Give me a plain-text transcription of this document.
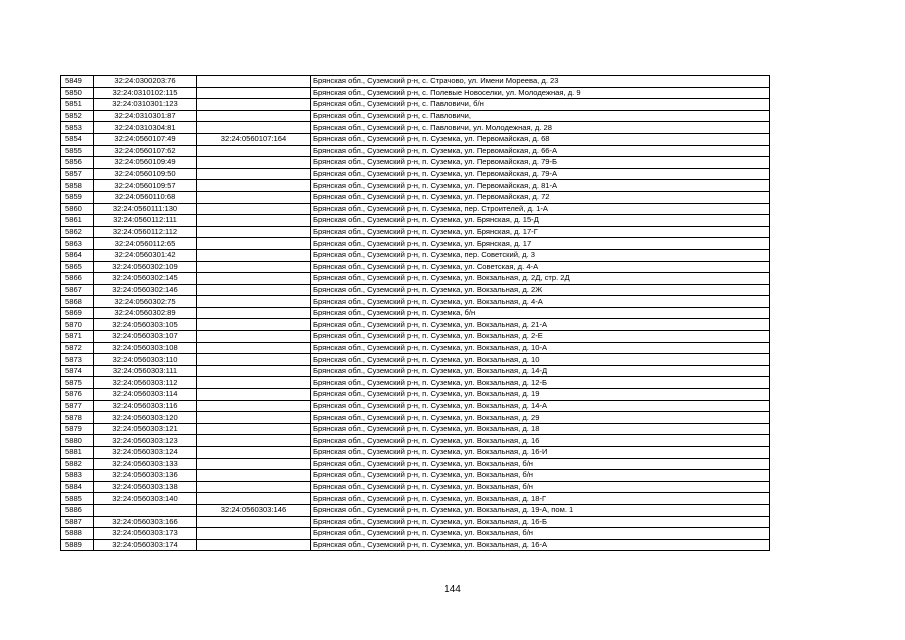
5849	32:24:0300203:76		Брянская обл., Суземский р-н, с. Страчово, ул. Имени Мореева, д. 23
5850	32:24:0310102:115		Брянская обл., Суземский р-н, с. Полевые Новоселки, ул. Молодежная, д. 9
5851	32:24:0310301:123		Брянская обл., Суземский р-н, с. Павловичи, б/н
5852	32:24:0310301:87		Брянская обл., Суземский р-н, с. Павловичи,
5853	32:24:0310304:81		Брянская обл., Суземский р-н, с. Павловичи, ул. Молодежная, д. 28
5854	32:24:0560107:49	32:24:0560107:164	Брянская обл., Суземский р-н, п. Суземка, ул. Первомайская, д. 68
5855	32:24:0560107:62		Брянская обл., Суземский р-н, п. Суземка, ул. Первомайская, д. 66-А
5856	32:24:0560109:49		Брянская обл., Суземский р-н, п. Суземка, ул. Первомайская, д. 79-Б
5857	32:24:0560109:50		Брянская обл., Суземский р-н, п. Суземка, ул. Первомайская, д. 79-А
5858	32:24:0560109:57		Брянская обл., Суземский р-н, п. Суземка, ул. Первомайская, д. 81-А
5859	32:24:0560110:68		Брянская обл., Суземский р-н, п. Суземка, ул. Первомайская, д. 72
5860	32:24:0560111:130		Брянская обл., Суземский р-н, п. Суземка, пер. Строителей, д. 1-А
5861	32:24:0560112:111		Брянская обл., Суземский р-н, п. Суземка, ул. Брянская, д. 15-Д
5862	32:24:0560112:112		Брянская обл., Суземский р-н, п. Суземка, ул. Брянская, д. 17-Г
5863	32:24:0560112:65		Брянская обл., Суземский р-н, п. Суземка, ул. Брянская, д. 17
5864	32:24:0560301:42		Брянская обл., Суземский р-н, п. Суземка, пер. Советский, д. 3
5865	32:24:0560302:109		Брянская обл., Суземский р-н, п. Суземка, ул. Советская, д. 4-А
5866	32:24:0560302:145		Брянская обл., Суземский р-н, п. Суземка, ул. Вокзальная, д. 2Д, стр. 2Д
5867	32:24:0560302:146		Брянская обл., Суземский р-н, п. Суземка, ул. Вокзальная, д. 2Ж
5868	32:24:0560302:75		Брянская обл., Суземский р-н, п. Суземка, ул. Вокзальная, д. 4-А
5869	32:24:0560302:89		Брянская обл., Суземский р-н, п. Суземка, б/н
5870	32:24:0560303:105		Брянская обл., Суземский р-н, п. Суземка, ул. Вокзальная, д. 21-А
5871	32:24:0560303:107		Брянская обл., Суземский р-н, п. Суземка, ул. Вокзальная, д. 2-Е
5872	32:24:0560303:108		Брянская обл., Суземский р-н, п. Суземка, ул. Вокзальная, д. 10-А
5873	32:24:0560303:110		Брянская обл., Суземский р-н, п. Суземка, ул. Вокзальная, д. 10
5874	32:24:0560303:111		Брянская обл., Суземский р-н, п. Суземка, ул. Вокзальная, д. 14-Д
5875	32:24:0560303:112		Брянская обл., Суземский р-н, п. Суземка, ул. Вокзальная, д. 12-Б
5876	32:24:0560303:114		Брянская обл., Суземский р-н, п. Суземка, ул. Вокзальная, д. 19
5877	32:24:0560303:116		Брянская обл., Суземский р-н, п. Суземка, ул. Вокзальная, д. 14-А
5878	32:24:0560303:120		Брянская обл., Суземский р-н, п. Суземка, ул. Вокзальная, д. 29
5879	32:24:0560303:121		Брянская обл., Суземский р-н, п. Суземка, ул. Вокзальная, д. 18
5880	32:24:0560303:123		Брянская обл., Суземский р-н, п. Суземка, ул. Вокзальная, д. 16
5881	32:24:0560303:124		Брянская обл., Суземский р-н, п. Суземка, ул. Вокзальная, д. 16-И
5882	32:24:0560303:133		Брянская обл., Суземский р-н, п. Суземка, ул. Вокзальная, б/н
5883	32:24:0560303:136		Брянская обл., Суземский р-н, п. Суземка, ул. Вокзальная, б/н
5884	32:24:0560303:138		Брянская обл., Суземский р-н, п. Суземка, ул. Вокзальная, б/н
5885	32:24:0560303:140		Брянская обл., Суземский р-н, п. Суземка, ул. Вокзальная, д. 18-Г
5886		32:24:0560303:146	Брянская обл., Суземский р-н, п. Суземка, ул. Вокзальная, д. 19-А, пом. 1
5887	32:24:0560303:166		Брянская обл., Суземский р-н, п. Суземка, ул. Вокзальная, д. 16-Б
5888	32:24:0560303:173		Брянская обл., Суземский р-н, п. Суземка, ул. Вокзальная, б/н
5889	32:24:0560303:174		Брянская обл., Суземский р-н, п. Суземка, ул. Вокзальная, д. 16-А
144
